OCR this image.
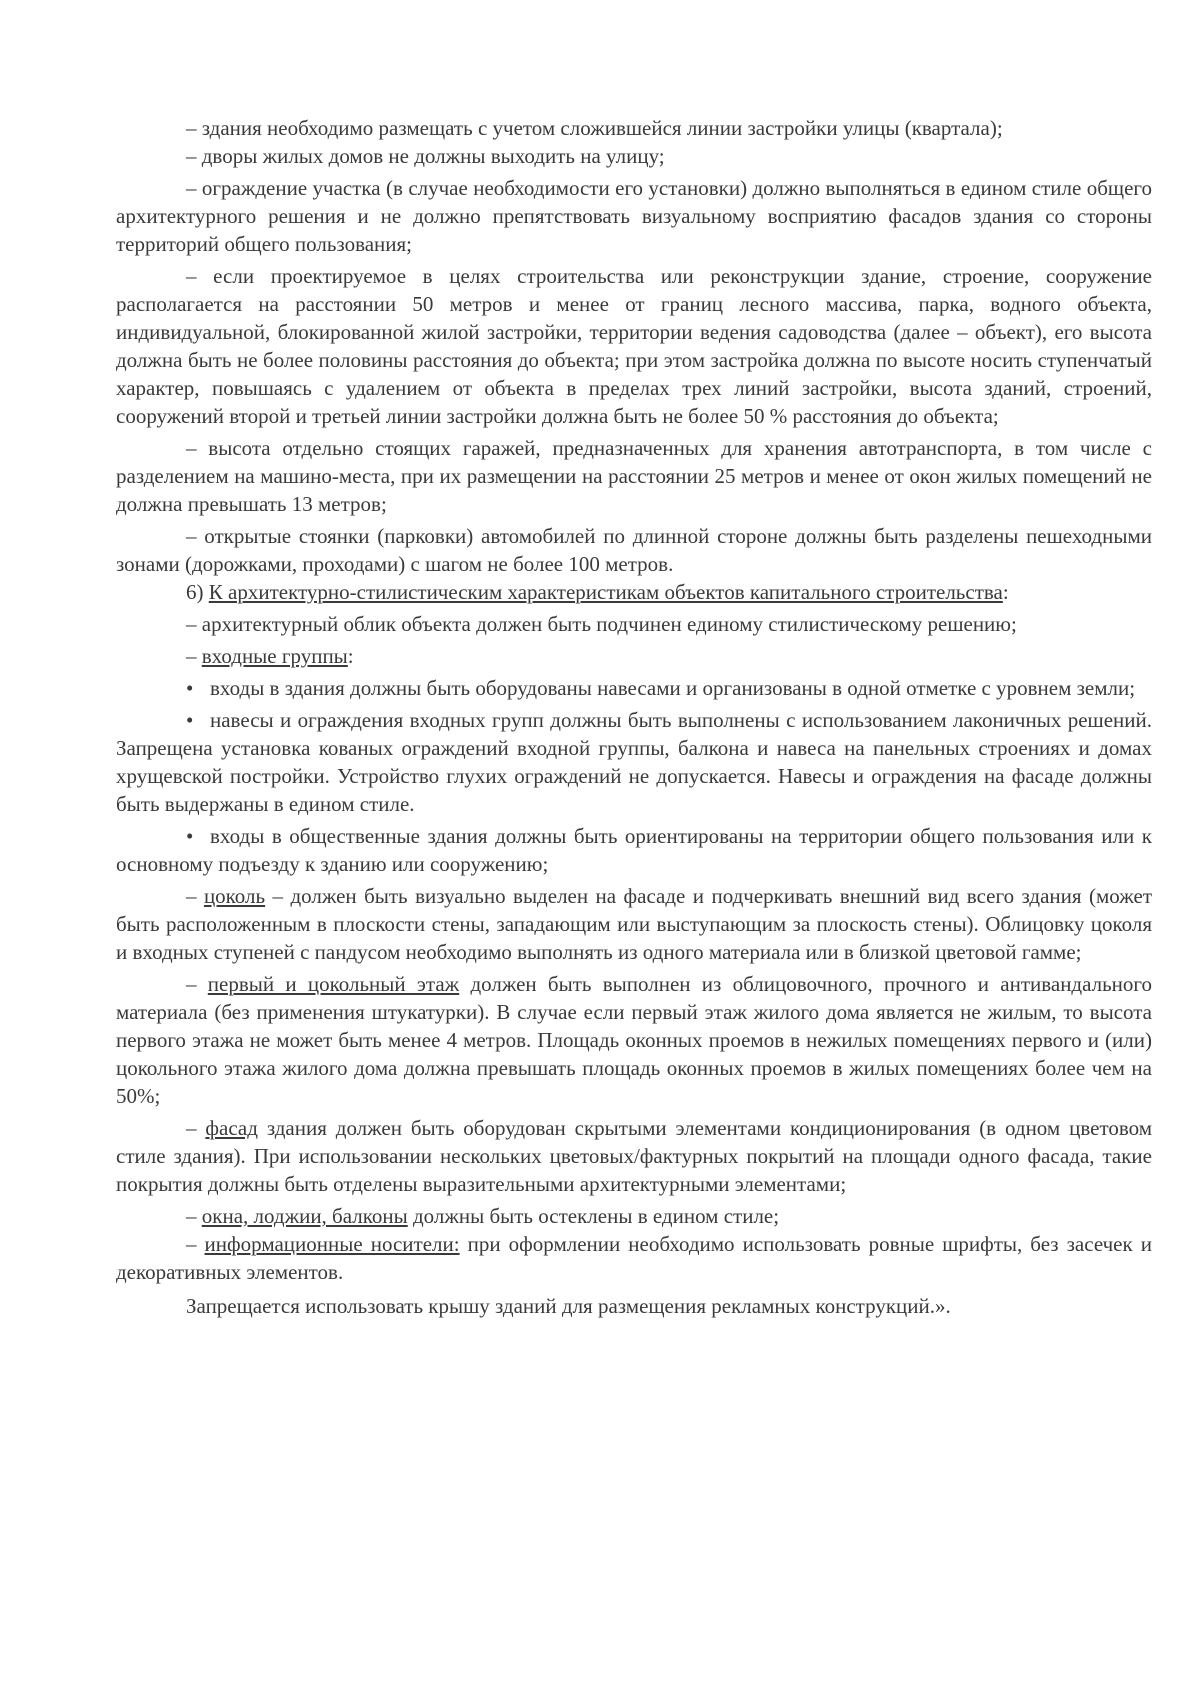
– здания необходимо размещать с учетом сложившейся линии застройки улицы (квартала);

– дворы жилых домов не должны выходить на улицу;

– ограждение участка (в случае необходимости его установки) должно выполняться в едином стиле общего архитектурного решения и не должно препятствовать визуальному восприятию фасадов здания со стороны территорий общего пользования;

– если проектируемое в целях строительства или реконструкции здание, строение, сооружение располагается на расстоянии 50 метров и менее от границ лесного массива, парка, водного объекта, индивидуальной, блокированной жилой застройки, территории ведения садоводства (далее – объект), его высота должна быть не более половины расстояния до объекта; при этом застройка должна по высоте носить ступенчатый характер, повышаясь с удалением от объекта в пределах трех линий застройки, высота зданий, строений, сооружений второй и третьей линии застройки должна быть не более 50 % расстояния до объекта;

– высота отдельно стоящих гаражей, предназначенных для хранения автотранспорта, в том числе с разделением на машино-места, при их размещении на расстоянии 25 метров и менее от окон жилых помещений не должна превышать 13 метров;

– открытые стоянки (парковки) автомобилей по длинной стороне должны быть разделены пешеходными зонами (дорожками, проходами) с шагом не более 100 метров.

6) К архитектурно-стилистическим характеристикам объектов капитального строительства:

– архитектурный облик объекта должен быть подчинен единому стилистическому решению;

– входные группы:

• входы в здания должны быть оборудованы навесами и организованы в одной отметке с уровнем земли;

• навесы и ограждения входных групп должны быть выполнены с использованием лаконичных решений. Запрещена установка кованых ограждений входной группы, балкона и навеса на панельных строениях и домах хрущевской постройки. Устройство глухих ограждений не допускается. Навесы и ограждения на фасаде должны быть выдержаны в едином стиле.

• входы в общественные здания должны быть ориентированы на территории общего пользования или к основному подъезду к зданию или сооружению;

– цоколь – должен быть визуально выделен на фасаде и подчеркивать внешний вид всего здания (может быть расположенным в плоскости стены, западающим или выступающим за плоскость стены). Облицовку цоколя и входных ступеней с пандусом необходимо выполнять из одного материала или в близкой цветовой гамме;

– первый и цокольный этаж должен быть выполнен из облицовочного, прочного и антивандального материала (без применения штукатурки). В случае если первый этаж жилого дома является не жилым, то высота первого этажа не может быть менее 4 метров. Площадь оконных проемов в нежилых помещениях первого и (или) цокольного этажа жилого дома должна превышать площадь оконных проемов в жилых помещениях более чем на 50%;

– фасад здания должен быть оборудован скрытыми элементами кондиционирования (в одном цветовом стиле здания). При использовании нескольких цветовых/фактурных покрытий на площади одного фасада, такие покрытия должны быть отделены выразительными архитектурными элементами;

– окна, лоджии, балконы должны быть остеклены в едином стиле;

– информационные носители: при оформлении необходимо использовать ровные шрифты, без засечек и декоративных элементов.

Запрещается использовать крышу зданий для размещения рекламных конструкций.».
